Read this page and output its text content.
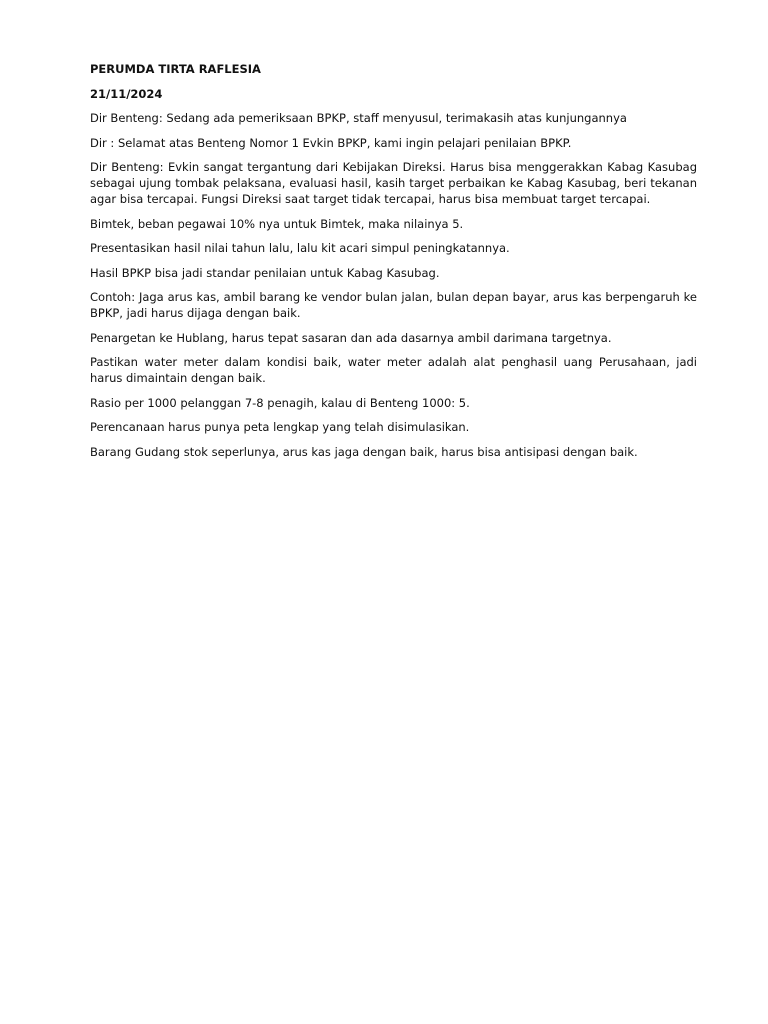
PERUMDA TIRTA RAFLESIA

21/11/2024

Dir Benteng: Sedang ada pemeriksaan BPKP, staff menyusul, terimakasih atas kunjungannya

Dir : Selamat atas Benteng Nomor 1 Evkin BPKP, kami ingin pelajari penilaian BPKP.

Dir Benteng: Evkin sangat tergantung dari Kebijakan Direksi. Harus bisa menggerakkan Kabag Kasubag sebagai ujung tombak pelaksana, evaluasi hasil, kasih target perbaikan ke Kabag Kasubag, beri tekanan agar bisa tercapai. Fungsi Direksi saat target tidak tercapai, harus bisa membuat target tercapai.

Bimtek, beban pegawai 10% nya untuk Bimtek, maka nilainya 5.

Presentasikan hasil nilai tahun lalu, lalu kit acari simpul peningkatannya.

Hasil BPKP bisa jadi standar penilaian untuk Kabag Kasubag.

Contoh: Jaga arus kas, ambil barang ke vendor bulan jalan, bulan depan bayar, arus kas berpengaruh ke BPKP, jadi harus dijaga dengan baik.

Penargetan ke Hublang, harus tepat sasaran dan ada dasarnya ambil darimana targetnya.

Pastikan water meter dalam kondisi baik, water meter adalah alat penghasil uang Perusahaan, jadi harus dimaintain dengan baik.

Rasio per 1000 pelanggan 7-8 penagih, kalau di Benteng 1000: 5.

Perencanaan harus punya peta lengkap yang telah disimulasikan.

Barang Gudang stok seperlunya, arus kas jaga dengan baik, harus bisa antisipasi dengan baik.
